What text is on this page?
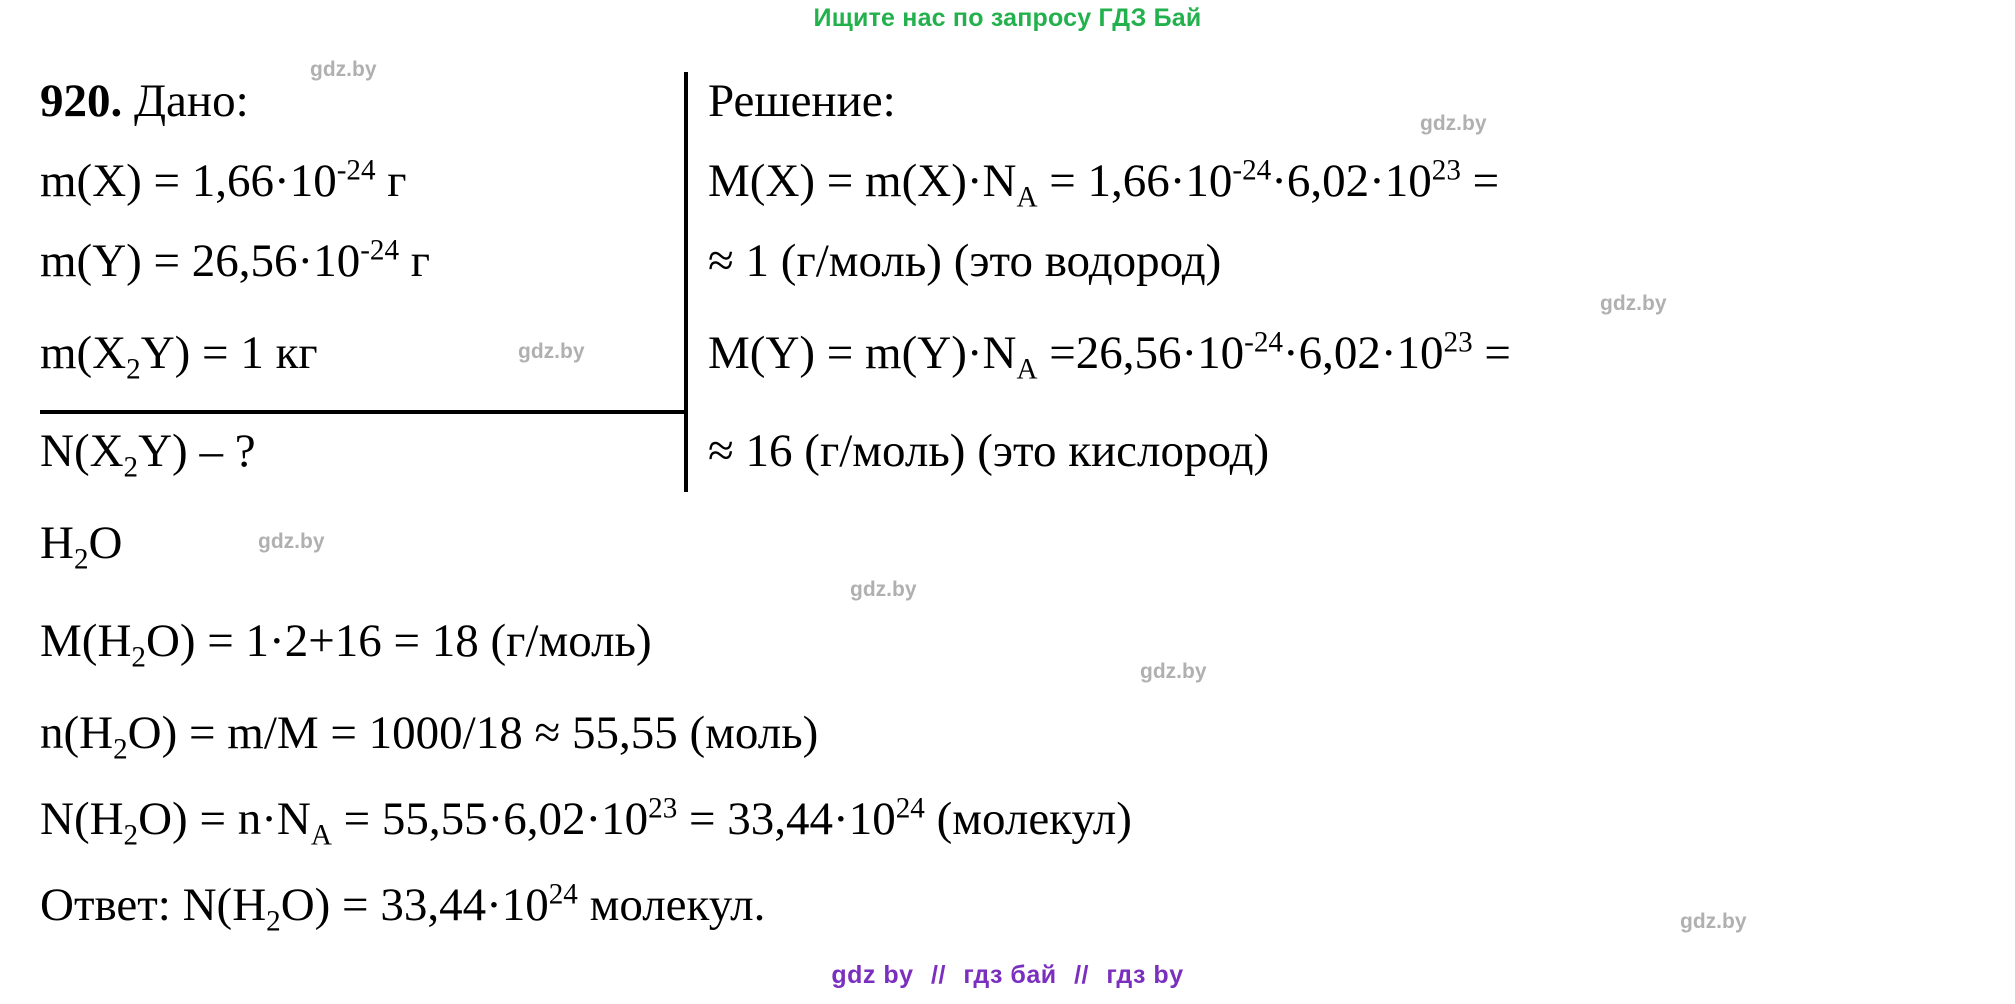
Ищите нас по запросу ГДЗ Бай
920. Дано:
$m(X) = 1,66\cdot 10^{-24}$ г
$m(Y) = 26,56\cdot 10^{-24}$ г
$m(X_2Y) = 1$ кг
$N(X_2Y)$ – ?
Решение:
$M(X) = m(X)\cdot N_A = 1,66\cdot 10^{-24}\cdot 6,02\cdot 10^{23}$ =
≈ 1 (г/моль) (это водород)
$M(Y) = m(Y)\cdot N_A =26,56\cdot 10^{-24}\cdot 6,02\cdot 10^{23}$ =
≈ 16 (г/моль) (это кислород)
$H_2O$
$M(H_2O) = 1\cdot 2+16 = 18$ (г/моль)
$n(H_2O) = m/M = 1000/18 \approx 55,55$ (моль)
$N(H_2O) = n\cdot N_A = 55,55\cdot 6,02\cdot 10^{23} = 33,44\cdot 10^{24}$ (молекул)
Ответ: $N(H_2O) = 33,44\cdot 10^{24}$ молекул.
gdz.by
gdz.by
gdz.by
gdz.by
gdz.by
gdz.by
gdz.by
gdz.by
gdz by // гдз бай // гдз by
